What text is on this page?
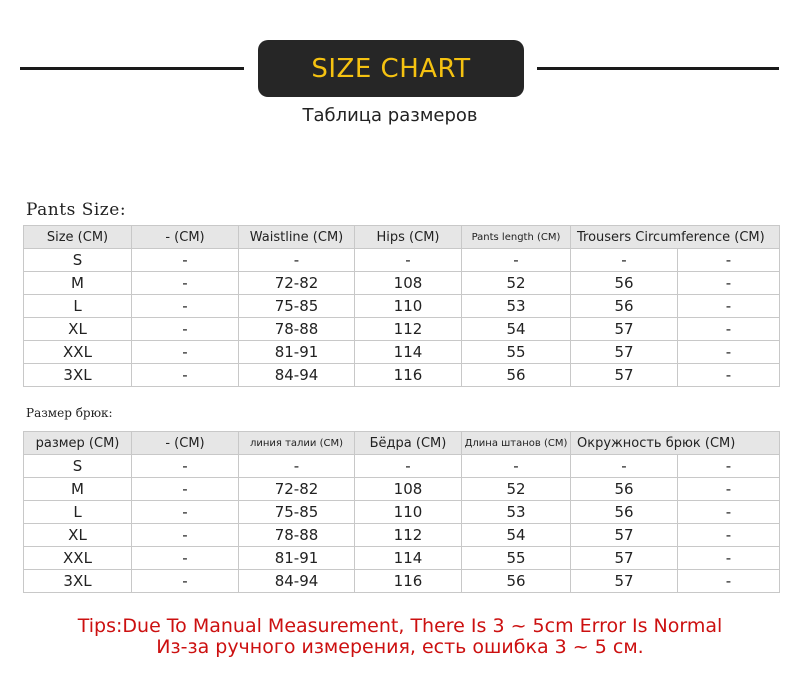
SIZE CHART
Таблица размеров
Pants Size:
Size (CM)	- (CM)	Waistline (CM)	Hips (CM)	Pants length (CM)	Trousers Circumference (CM)	
S	-	-	-	-	-	-
M	-	72-82	108	52	56	-
L	-	75-85	110	53	56	-
XL	-	78-88	112	54	57	-
XXL	-	81-91	114	55	57	-
3XL	-	84-94	116	56	57	-
Размер брюк:
размер (CM)	- (CM)	линия талии (CM)	Бёдра (CM)	Длина штанов (CM)	Окружность брюк (CM)	
S	-	-	-	-	-	-
M	-	72-82	108	52	56	-
L	-	75-85	110	53	56	-
XL	-	78-88	112	54	57	-
XXL	-	81-91	114	55	57	-
3XL	-	84-94	116	56	57	-
Tips:Due To Manual Measurement, There Is 3 ~ 5cm Error Is Normal
Из-за ручного измерения, есть ошибка 3 ~ 5 см.
